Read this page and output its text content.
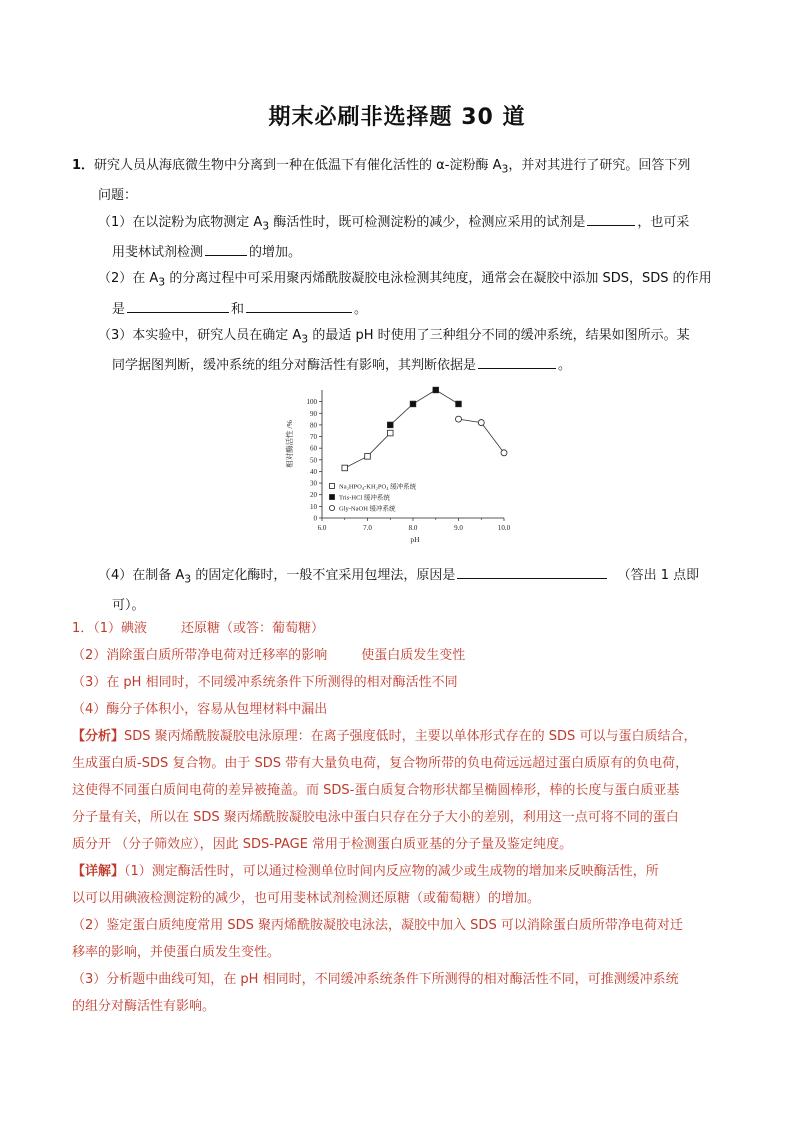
期末必刷非选择题 30 道
1．研究人员从海底微生物中分离到一种在低温下有催化活性的 α-淀粉酶 $A_3$，并对其进行了研究。回答下列
问题：
（1）在以淀粉为底物测定 $A_3$ 酶活性时，既可检测淀粉的减少，检测应采用的试剂是	，也可采
用斐林试剂检测	的增加。
（2）在 $A_3$ 的分离过程中可采用聚丙烯酰胺凝胶电泳检测其纯度，通常会在凝胶中添加 SDS，SDS 的作用
是	和	。
（3）本实验中，研究人员在确定 $A_3$ 的最适 pH 时使用了三种组分不同的缓冲系统，结果如图所示。某
同学据图判断，缓冲系统的组分对酶活性有影响，其判断依据是	。
6.0	7.0	8.0	9.0	10.0
0
10
20
30
40
50
60
70
80
90
100
pH
相对酶活性 /%
Na₂HPO₄-KH₂PO₄ 缓冲系统
Tris-HCl 缓冲系统
Gly-NaOH 缓冲系统
（4）在制备 $A_3$ 的固定化酶时，一般不宜采用包埋法，原因是	（答出 1 点即
可）。
1．（1）碘液	还原糖（或答：葡萄糖）
（2）消除蛋白质所带净电荷对迁移率的影响	使蛋白质发生变性
（3）在 pH 相同时，不同缓冲系统条件下所测得的相对酶活性不同
（4）酶分子体积小，容易从包埋材料中漏出
【分析】SDS 聚丙烯酰胺凝胶电泳原理：在离子强度低时，主要以单体形式存在的 SDS 可以与蛋白质结合，
生成蛋白质-SDS 复合物。由于 SDS 带有大量负电荷，复合物所带的负电荷远远超过蛋白质原有的负电荷，
这使得不同蛋白质间电荷的差异被掩盖。而 SDS-蛋白质复合物形状都呈椭圆棒形，棒的长度与蛋白质亚基
分子量有关，所以在 SDS 聚丙烯酰胺凝胶电泳中蛋白只存在分子大小的差别，利用这一点可将不同的蛋白
质分开 （分子筛效应），因此 SDS-PAGE 常用于检测蛋白质亚基的分子量及鉴定纯度。
【详解】（1）测定酶活性时，可以通过检测单位时间内反应物的减少或生成物的增加来反映酶活性，所
以可以用碘液检测淀粉的减少，也可用斐林试剂检测还原糖（或葡萄糖）的增加。
（2）鉴定蛋白质纯度常用 SDS 聚丙烯酰胺凝胶电泳法，凝胶中加入 SDS 可以消除蛋白质所带净电荷对迁
移率的影响，并使蛋白质发生变性。
（3）分析题中曲线可知，在 pH 相同时，不同缓冲系统条件下所测得的相对酶活性不同，可推测缓冲系统
的组分对酶活性有影响。
